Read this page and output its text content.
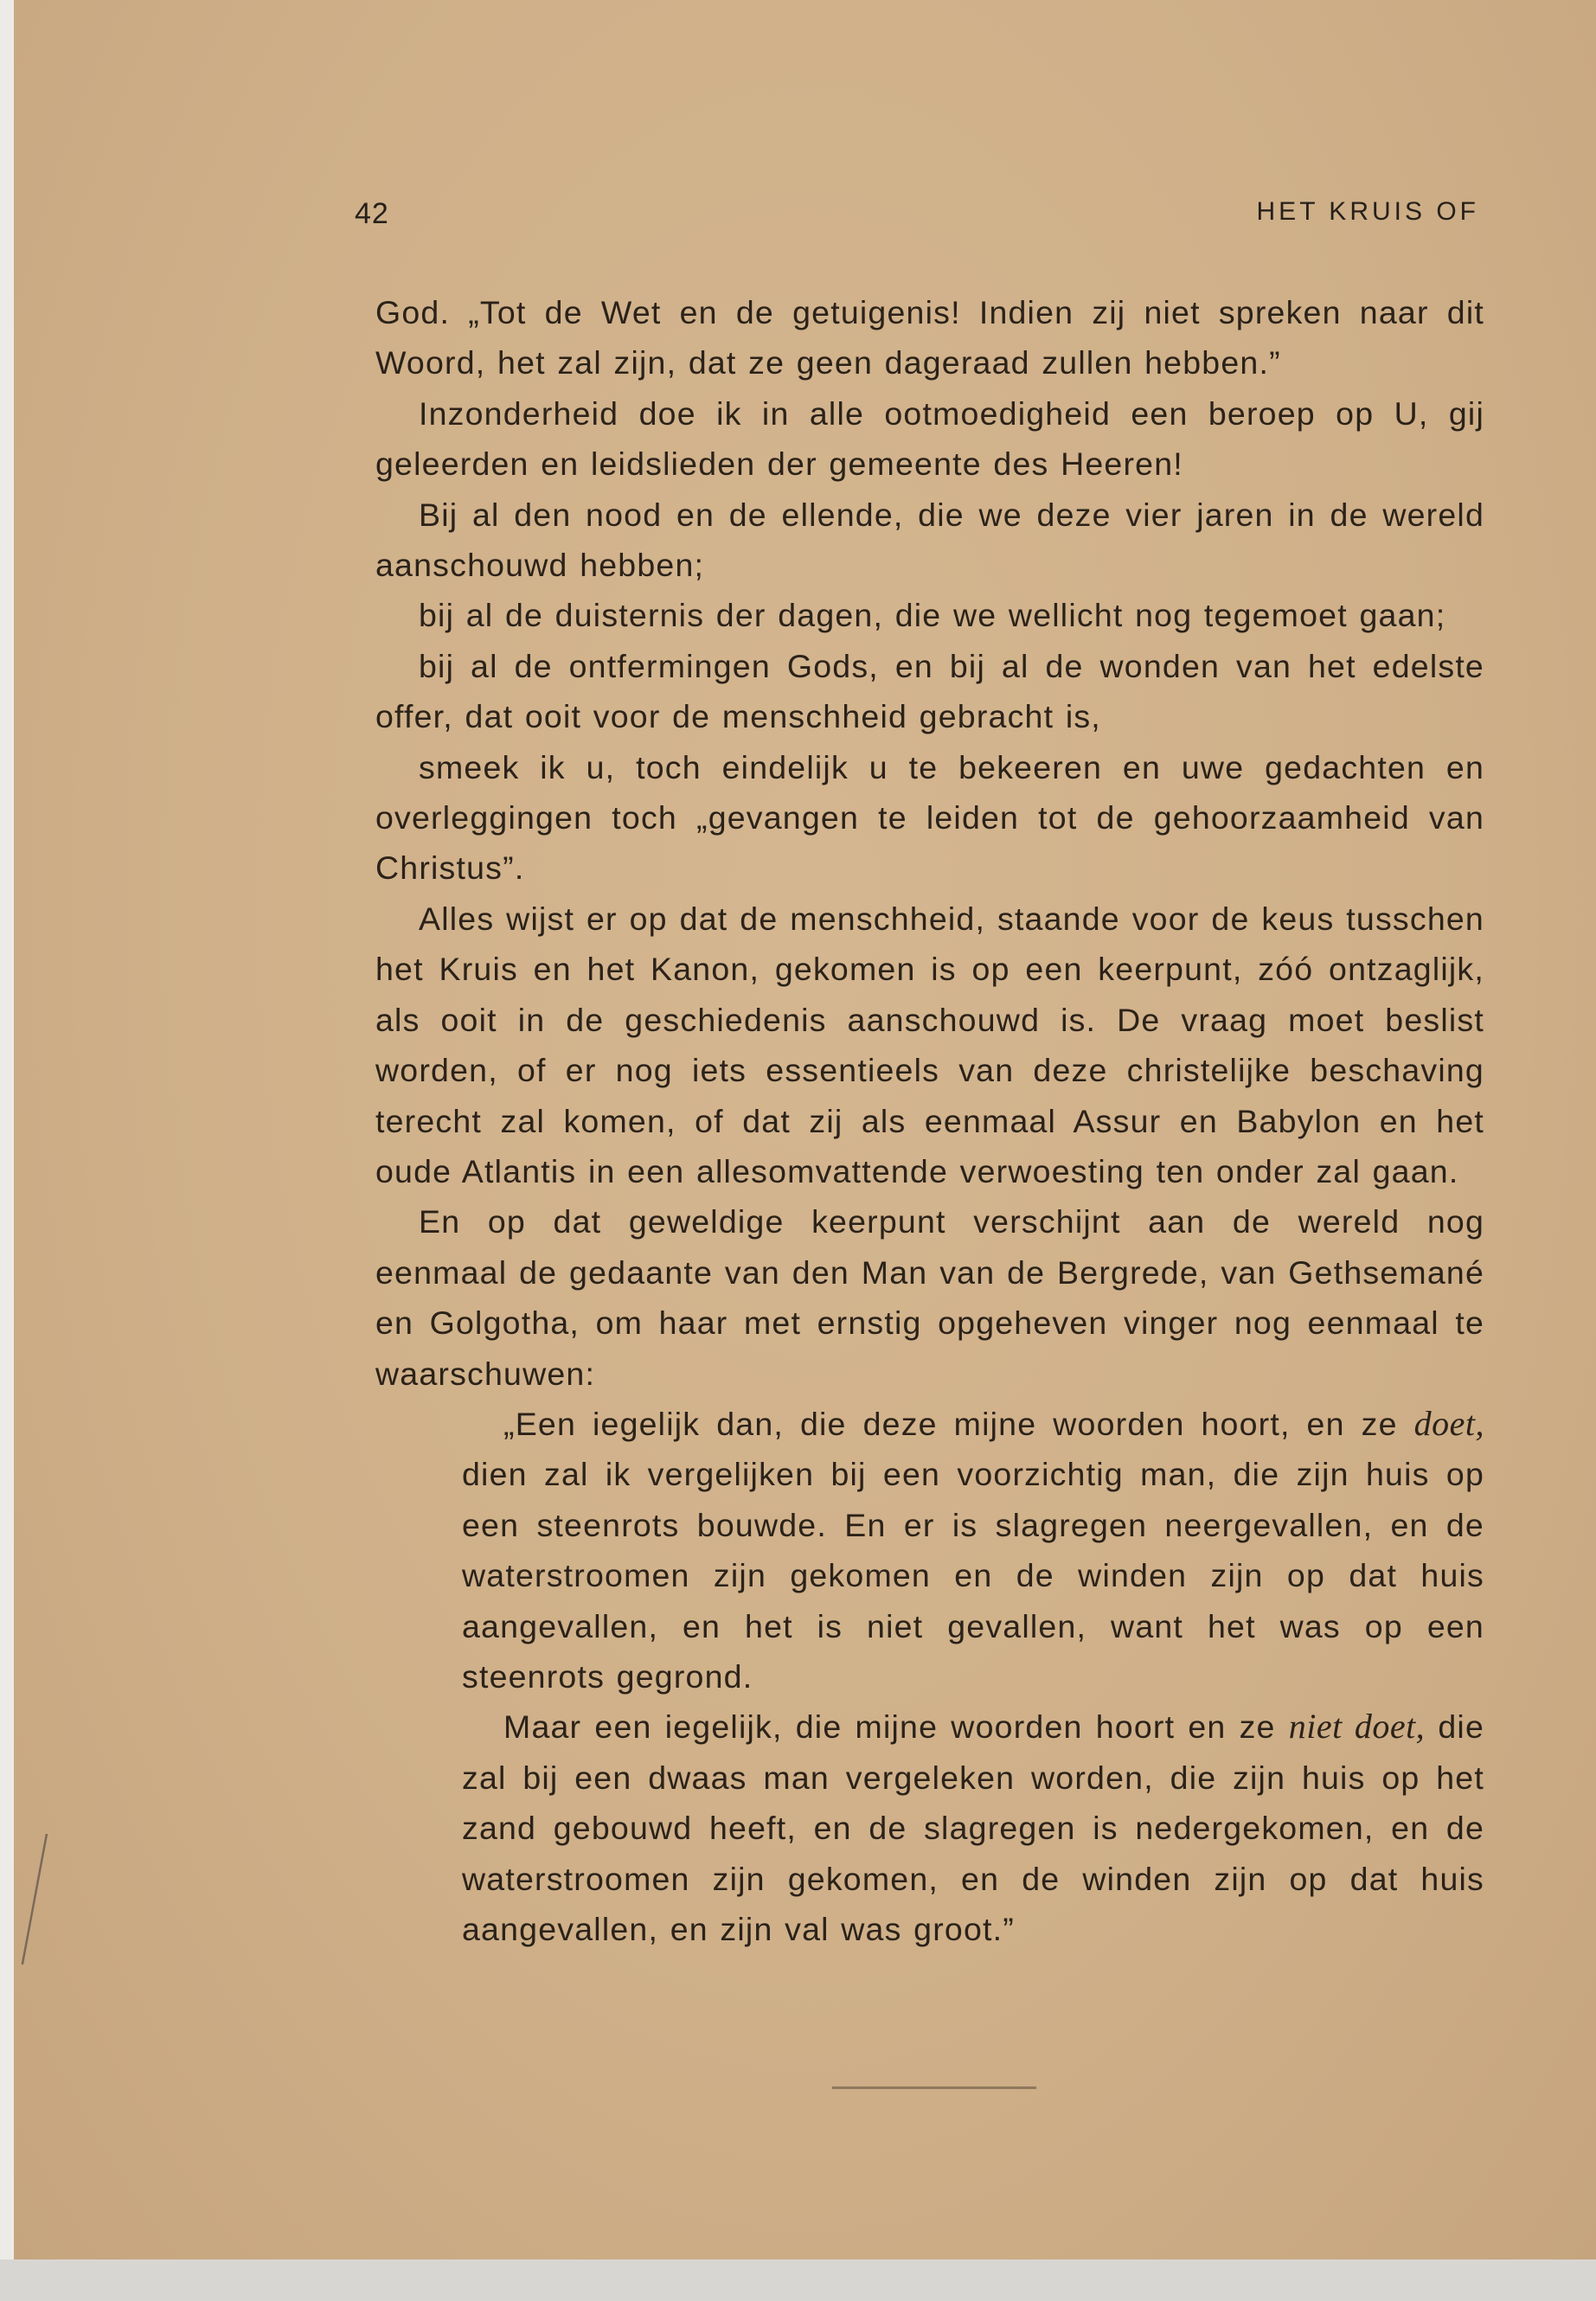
42	HET KRUIS OF

God. „Tot de Wet en de getuigenis! Indien zij niet spreken naar dit Woord, het zal zijn, dat ze geen dageraad zullen hebben.”

Inzonderheid doe ik in alle ootmoedigheid een beroep op U, gij geleerden en leidslieden der gemeente des Heeren!

Bij al den nood en de ellende, die we deze vier jaren in de wereld aanschouwd hebben;

bij al de duisternis der dagen, die we wellicht nog tegemoet gaan;

bij al de ontfermingen Gods, en bij al de wonden van het edelste offer, dat ooit voor de menschheid gebracht is,

smeek ik u, toch eindelijk u te bekeeren en uwe gedachten en overleggingen toch „gevangen te leiden tot de gehoorzaamheid van Christus”.

Alles wijst er op dat de menschheid, staande voor de keus tusschen het Kruis en het Kanon, gekomen is op een keerpunt, zóó ontzaglijk, als ooit in de geschiedenis aanschouwd is. De vraag moet beslist worden, of er nog iets essentieels van deze christelijke beschaving terecht zal komen, of dat zij als eenmaal Assur en Babylon en het oude Atlantis in een allesomvattende verwoesting ten onder zal gaan.

En op dat geweldige keerpunt verschijnt aan de wereld nog eenmaal de gedaante van den Man van de Bergrede, van Gethsemané en Golgotha, om haar met ernstig opgeheven vinger nog eenmaal te waarschuwen:

„Een iegelijk dan, die deze mijne woorden hoort, en ze doet, dien zal ik vergelijken bij een voorzichtig man, die zijn huis op een steenrots bouwde. En er is slagregen neergevallen, en de waterstroomen zijn gekomen en de winden zijn op dat huis aangevallen, en het is niet gevallen, want het was op een steenrots gegrond.

Maar een iegelijk, die mijne woorden hoort en ze niet doet, die zal bij een dwaas man vergeleken worden, die zijn huis op het zand gebouwd heeft, en de slagregen is nedergekomen, en de waterstroomen zijn gekomen, en de winden zijn op dat huis aangevallen, en zijn val was groot.”
